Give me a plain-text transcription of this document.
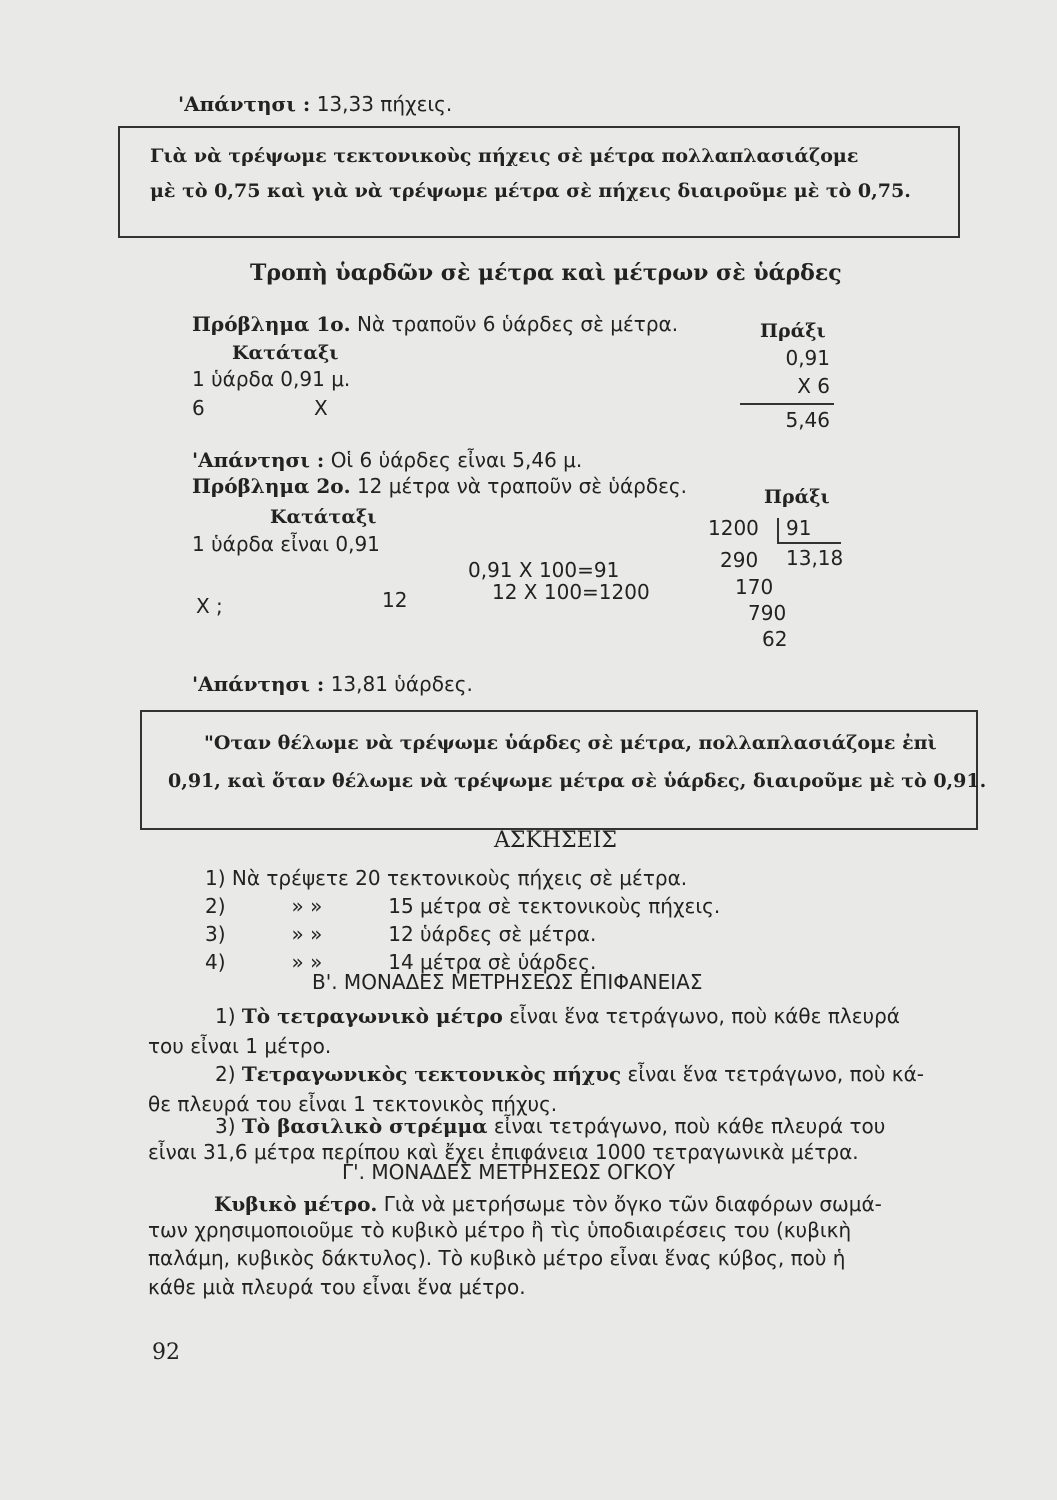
'Απάντησι : 13,33 πήχεις.
Γιὰ νὰ τρέψωμε τεκτονικοὺς πήχεις σὲ μέτρα πολλαπλασιάζομε
μὲ τὸ 0,75 καὶ γιὰ νὰ τρέψωμε μέτρα σὲ πήχεις διαιροῦμε μὲ τὸ 0,75.
Τροπὴ ὑαρδῶν σὲ μέτρα καὶ μέτρων σὲ ὑάρδες
Πρόβλημα 1ο. Νὰ τραποῦν 6 ὑάρδες σὲ μέτρα.
Κατάταξι
1 ὑάρδα 0,91 μ.
6	Χ
Πράξι
0,91
Χ 6
5,46
'Απάντησι : Οἱ 6 ὑάρδες εἶναι 5,46 μ.
Πρόβλημα 2ο. 12 μέτρα νὰ τραποῦν σὲ ὑάρδες.
Κατάταξι
1 ὑάρδα εἶναι 0,91
Χ ;	12
0,91 Χ 100=91
12 Χ 100=1200
Πράξι
1200 91
13,18
290
170
790
62
'Απάντησι : 13,81 ὑάρδες.
"Οταν θέλωμε νὰ τρέψωμε ὑάρδες σὲ μέτρα, πολλαπλασιάζομε ἐπὶ
0,91, καὶ ὅταν θέλωμε νὰ τρέψωμε μέτρα σὲ ὑάρδες, διαιροῦμε μὲ τὸ 0,91.
ΑΣΚΗΣΕΙΣ
1) Νὰ τρέψετε 20 τεκτονικοὺς πήχεις σὲ μέτρα.
2)	» »	15 μέτρα σὲ τεκτονικοὺς πήχεις.
3)	» »	12 ὑάρδες σὲ μέτρα.
4)	» »	14 μέτρα σὲ ὑάρδες.
Β'. ΜΟΝΑΔΕΣ ΜΕΤΡΗΣΕΩΣ ΕΠΙΦΑΝΕΙΑΣ
1) Τὸ τετραγωνικὸ μέτρο εἶναι ἕνα τετράγωνο, ποὺ κάθε πλευρά
του εἶναι 1 μέτρο.
2) Τετραγωνικὸς τεκτονικὸς πήχυς εἶναι ἕνα τετράγωνο, ποὺ κά-
θε πλευρά του εἶναι 1 τεκτονικὸς πήχυς.
3) Τὸ βασιλικὸ στρέμμα εἶναι τετράγωνο, ποὺ κάθε πλευρά του
εἶναι 31,6 μέτρα περίπου καὶ ἔχει ἐπιφάνεια 1000 τετραγωνικὰ μέτρα.
Γ'. ΜΟΝΑΔΕΣ ΜΕΤΡΗΣΕΩΣ ΟΓΚΟΥ
Κυβικὸ μέτρο. Γιὰ νὰ μετρήσωμε τὸν ὄγκο τῶν διαφόρων σωμά-
των χρησιμοποιοῦμε τὸ κυβικὸ μέτρο ἢ τὶς ὑποδιαιρέσεις του (κυβικὴ
παλάμη, κυβικὸς δάκτυλος). Τὸ κυβικὸ μέτρο εἶναι ἕνας κύβος, ποὺ ἡ
κάθε μιὰ πλευρά του εἶναι ἕνα μέτρο.
92
